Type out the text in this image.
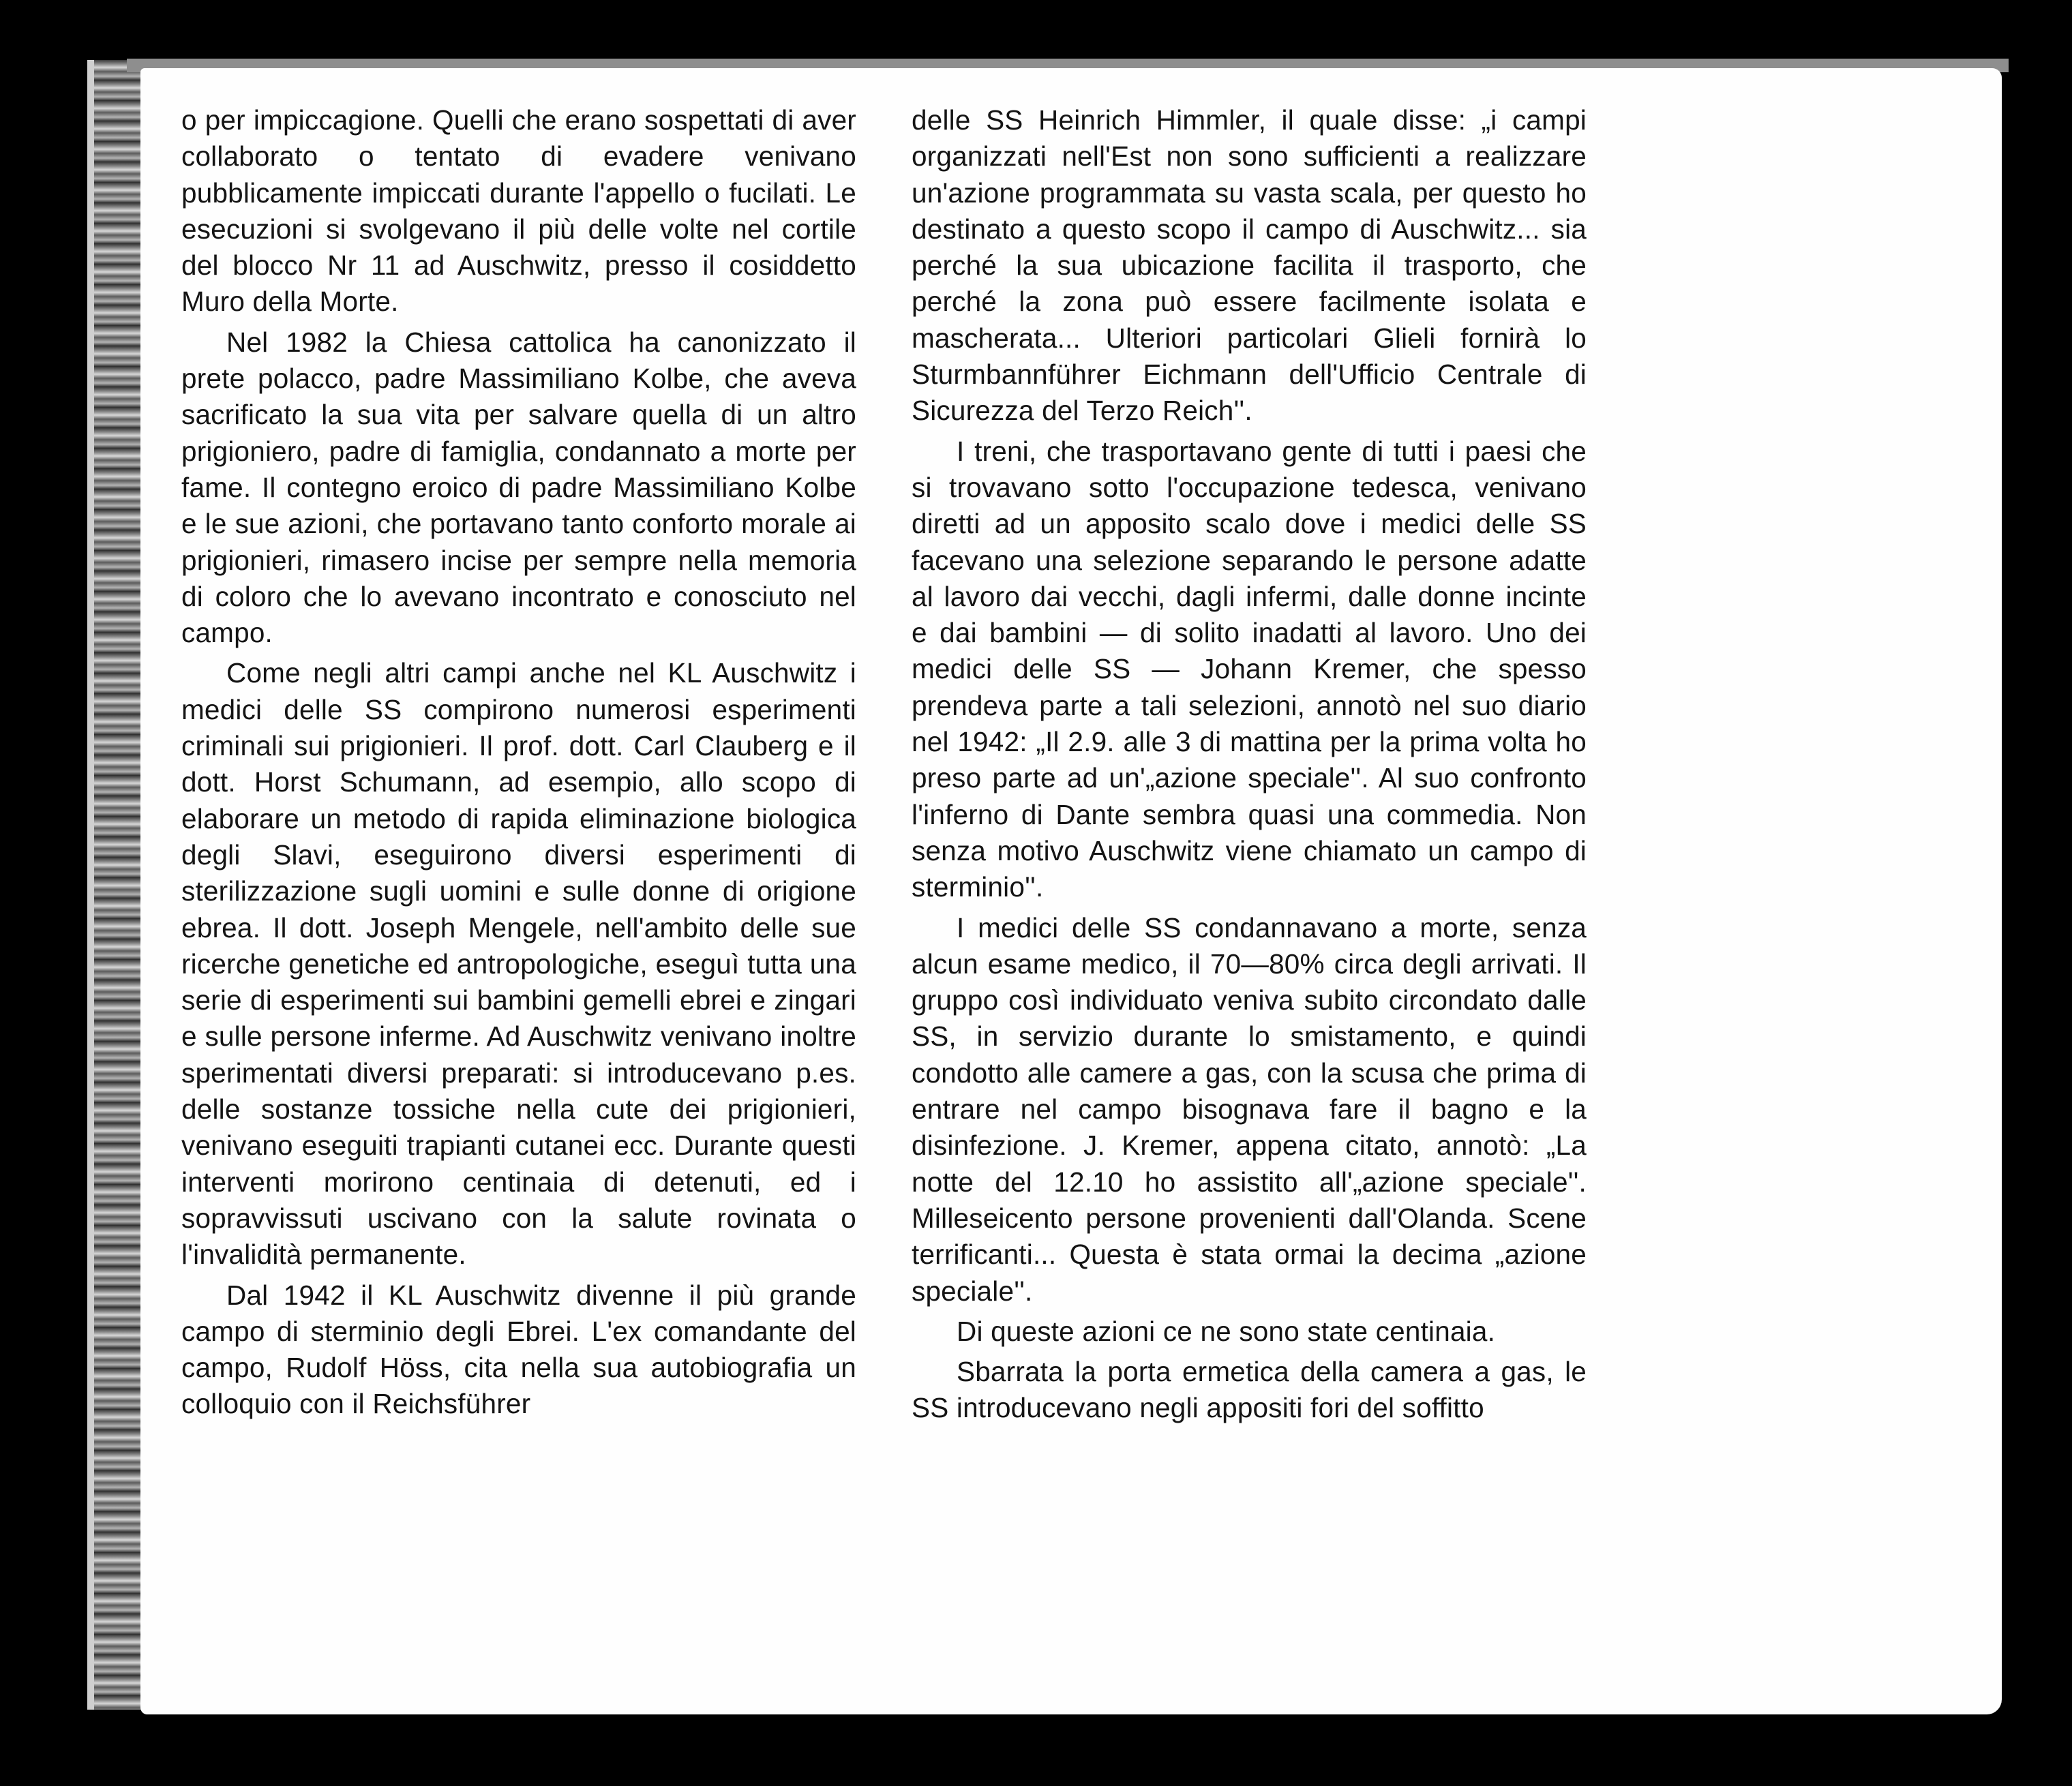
o per impiccagione. Quelli che erano sospettati di aver collaborato o tentato di evadere venivano pubblicamente impiccati durante l'appello o fucilati. Le esecuzioni si svolgevano il più delle volte nel cortile del blocco Nr 11 ad Auschwitz, presso il cosiddetto Muro della Morte.

Nel 1982 la Chiesa cattolica ha canonizzato il prete polacco, padre Massimiliano Kolbe, che aveva sacrificato la sua vita per salvare quella di un altro prigioniero, padre di famiglia, condannato a morte per fame. Il contegno eroico di padre Massimiliano Kolbe e le sue azioni, che portavano tanto conforto morale ai prigionieri, rimasero incise per sempre nella memoria di coloro che lo avevano incontrato e conosciuto nel campo.

Come negli altri campi anche nel KL Auschwitz i medici delle SS compirono numerosi esperimenti criminali sui prigionieri. Il prof. dott. Carl Clauberg e il dott. Horst Schumann, ad esempio, allo scopo di elaborare un metodo di rapida eliminazione biologica degli Slavi, eseguirono diversi esperimenti di sterilizzazione sugli uomini e sulle donne di origione ebrea. Il dott. Joseph Mengele, nell'ambito delle sue ricerche genetiche ed antropologiche, eseguì tutta una serie di esperimenti sui bambini gemelli ebrei e zingari e sulle persone inferme. Ad Auschwitz venivano inoltre sperimentati diversi preparati: si introducevano p.es. delle sostanze tossiche nella cute dei prigionieri, venivano eseguiti trapianti cutanei ecc. Durante questi interventi morirono centinaia di detenuti, ed i sopravvissuti uscivano con la salute rovinata o l'invalidità permanente.

Dal 1942 il KL Auschwitz divenne il più grande campo di sterminio degli Ebrei. L'ex comandante del campo, Rudolf Höss, cita nella sua autobiografia un colloquio con il Reichsführer

delle SS Heinrich Himmler, il quale disse: „i campi organizzati nell'Est non sono sufficienti a realizzare un'azione programmata su vasta scala, per questo ho destinato a questo scopo il campo di Auschwitz... sia perché la sua ubicazione facilita il trasporto, che perché la zona può essere facilmente isolata e mascherata... Ulteriori particolari Glieli fornirà lo Sturmbannführer Eichmann dell'Ufficio Centrale di Sicurezza del Terzo Reich''.

I treni, che trasportavano gente di tutti i paesi che si trovavano sotto l'occupazione tedesca, venivano diretti ad un apposito scalo dove i medici delle SS facevano una selezione separando le persone adatte al lavoro dai vecchi, dagli infermi, dalle donne incinte e dai bambini — di solito inadatti al lavoro. Uno dei medici delle SS — Johann Kremer, che spesso prendeva parte a tali selezioni, annotò nel suo diario nel 1942: „Il 2.9. alle 3 di mattina per la prima volta ho preso parte ad un'„azione speciale''. Al suo confronto l'inferno di Dante sembra quasi una commedia. Non senza motivo Auschwitz viene chiamato un campo di sterminio''.

I medici delle SS condannavano a morte, senza alcun esame medico, il 70—80% circa degli arrivati. Il gruppo così individuato veniva subito circondato dalle SS, in servizio durante lo smistamento, e quindi condotto alle camere a gas, con la scusa che prima di entrare nel campo bisognava fare il bagno e la disinfezione. J. Kremer, appena citato, annotò: „La notte del 12.10 ho assistito all'„azione speciale''. Milleseicento persone provenienti dall'Olanda. Scene terrificanti... Questa è stata ormai la decima „azione speciale''.

Di queste azioni ce ne sono state centinaia.

Sbarrata la porta ermetica della camera a gas, le SS introducevano negli appositi fori del soffitto
